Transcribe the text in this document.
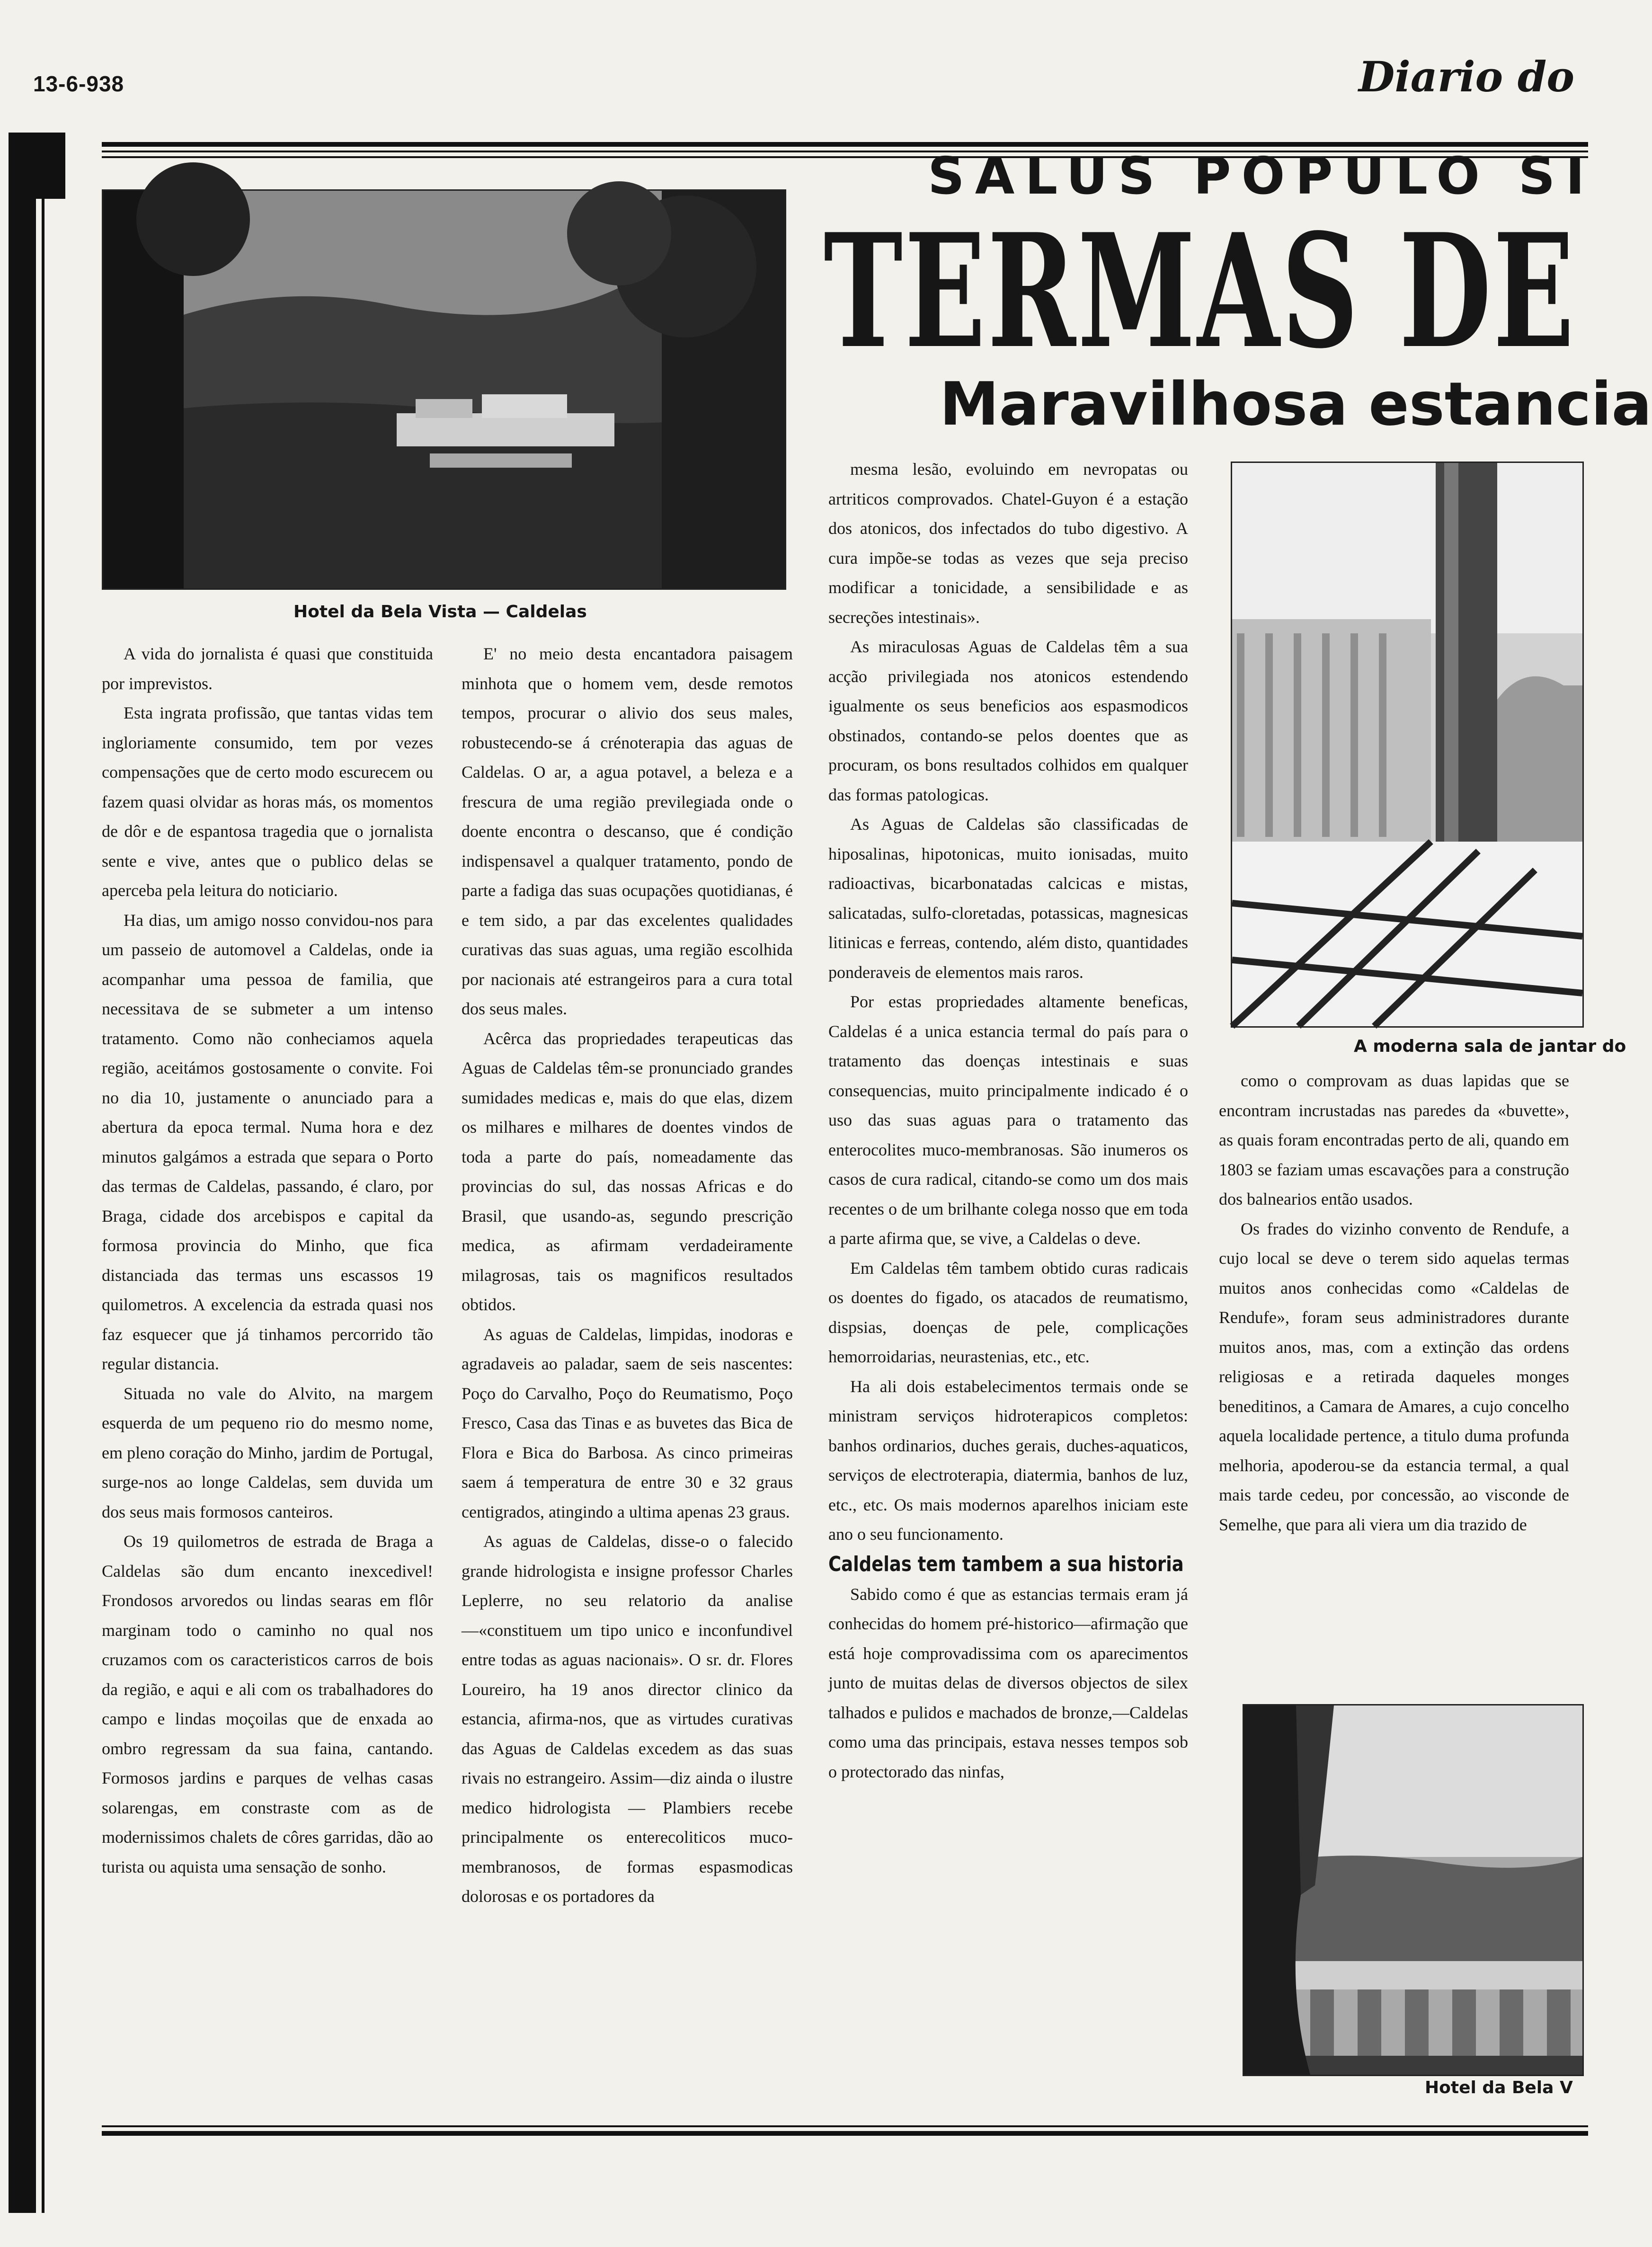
13-6-938	Diario do
SALUS POPULO SI
TERMAS DE
Maravilhosa estancia
Hotel da Bela Vista — Caldelas

A vida do jornalista é quasi que constituida por imprevistos.

Esta ingrata profissão, que tantas vidas tem ingloriamente consumido, tem por vezes compensações que de certo modo escurecem ou fazem quasi olvidar as horas más, os momentos de dôr e de espantosa tragedia que o jornalista sente e vive, antes que o publico delas se aperceba pela leitura do noticiario.

Ha dias, um amigo nosso convidou-nos para um passeio de automovel a Caldelas, onde ia acompanhar uma pessoa de familia, que necessitava de se submeter a um intenso tratamento. Como não conheciamos aquela região, aceitámos gostosamente o convite. Foi no dia 10, justamente o anunciado para a abertura da epoca termal. Numa hora e dez minutos galgámos a estrada que separa o Porto das termas de Caldelas, passando, é claro, por Braga, cidade dos arcebispos e capital da formosa provincia do Minho, que fica distanciada das termas uns escassos 19 quilometros. A excelencia da estrada quasi nos faz esquecer que já tinhamos percorrido tão regular distancia.

Situada no vale do Alvito, na margem esquerda de um pequeno rio do mesmo nome, em pleno coração do Minho, jardim de Portugal, surge-nos ao longe Caldelas, sem duvida um dos seus mais formosos canteiros.

Os 19 quilometros de estrada de Braga a Caldelas são dum encanto inexcedivel! Frondosos arvoredos ou lindas searas em flôr marginam todo o caminho no qual nos cruzamos com os caracteristicos carros de bois da região, e aqui e ali com os trabalhadores do campo e lindas moçoilas que de enxada ao ombro regressam da sua faina, cantando. Formosos jardins e parques de velhas casas solarengas, em constraste com as de modernissimos chalets de côres garridas, dão ao turista ou aquista uma sensação de sonho.

E' no meio desta encantadora paisagem minhota que o homem vem, desde remotos tempos, procurar o alivio dos seus males, robustecendo-se á crénoterapia das aguas de Caldelas. O ar, a agua potavel, a beleza e a frescura de uma região previlegiada onde o doente encontra o descanso, que é condição indispensavel a qualquer tratamento, pondo de parte a fadiga das suas ocupações quotidianas, é e tem sido, a par das excelentes qualidades curativas das suas aguas, uma região escolhida por nacionais até estrangeiros para a cura total dos seus males.

Acêrca das propriedades terapeuticas das Aguas de Caldelas têm-se pronunciado grandes sumidades medicas e, mais do que elas, dizem os milhares e milhares de doentes vindos de toda a parte do país, nomeadamente das provincias do sul, das nossas Africas e do Brasil, que usando-as, segundo prescrição medica, as afirmam verdadeiramente milagrosas, tais os magnificos resultados obtidos.

As aguas de Caldelas, limpidas, inodoras e agradaveis ao paladar, saem de seis nascentes: Poço do Carvalho, Poço do Reumatismo, Poço Fresco, Casa das Tinas e as buvetes das Bica de Flora e Bica do Barbosa. As cinco primeiras saem á temperatura de entre 30 e 32 graus centigrados, atingindo a ultima apenas 23 graus.

As aguas de Caldelas, disse-o o falecido grande hidrologista e insigne professor Charles Leplerre, no seu relatorio da analise—«constituem um tipo unico e inconfundivel entre todas as aguas nacionais». O sr. dr. Flores Loureiro, ha 19 anos director clinico da estancia, afirma-nos, que as virtudes curativas das Aguas de Caldelas excedem as das suas rivais no estrangeiro. Assim—diz ainda o ilustre medico hidrologista — Plambiers recebe principalmente os enterecoliticos muco-membranosos, de formas espasmodicas dolorosas e os portadores da

mesma lesão, evoluindo em nevropatas ou artriticos comprovados. Chatel-Guyon é a estação dos atonicos, dos infectados do tubo digestivo. A cura impõe-se todas as vezes que seja preciso modificar a tonicidade, a sensibilidade e as secreções intestinais».

As miraculosas Aguas de Caldelas têm a sua acção privilegiada nos atonicos estendendo igualmente os seus beneficios aos espasmodicos obstinados, contando-se pelos doentes que as procuram, os bons resultados colhidos em qualquer das formas patologicas.

As Aguas de Caldelas são classificadas de hiposalinas, hipotonicas, muito ionisadas, muito radioactivas, bicarbonatadas calcicas e mistas, salicatadas, sulfo-cloretadas, potassicas, magnesicas litinicas e ferreas, contendo, além disto, quantidades ponderaveis de elementos mais raros.

Por estas propriedades altamente beneficas, Caldelas é a unica estancia termal do país para o tratamento das doenças intestinais e suas consequencias, muito principalmente indicado é o uso das suas aguas para o tratamento das enterocolites muco-membranosas. São inumeros os casos de cura radical, citando-se como um dos mais recentes o de um brilhante colega nosso que em toda a parte afirma que, se vive, a Caldelas o deve.

Em Caldelas têm tambem obtido curas radicais os doentes do figado, os atacados de reumatismo, dispsias, doenças de pele, complicações hemorroidarias, neurastenias, etc., etc.

Ha ali dois estabelecimentos termais onde se ministram serviços hidroterapicos completos: banhos ordinarios, duches gerais, duches-aquaticos, serviços de electroterapia, diatermia, banhos de luz, etc., etc. Os mais modernos aparelhos iniciam este ano o seu funcionamento.

Caldelas tem tambem a sua historia

Sabido como é que as estancias termais eram já conhecidas do homem pré-historico—afirmação que está hoje comprovadissima com os aparecimentos junto de muitas delas de diversos objectos de silex talhados e pulidos e machados de bronze,—Caldelas como uma das principais, estava nesses tempos sob o protectorado das ninfas,

A moderna sala de jantar do

como o comprovam as duas lapidas que se encontram incrustadas nas paredes da «buvette», as quais foram encontradas perto de ali, quando em 1803 se faziam umas escavações para a construção dos balnearios então usados.

Os frades do vizinho convento de Rendufe, a cujo local se deve o terem sido aquelas termas muitos anos conhecidas como «Caldelas de Rendufe», foram seus administradores durante muitos anos, mas, com a extinção das ordens religiosas e a retirada daqueles monges beneditinos, a Camara de Amares, a cujo concelho aquela localidade pertence, a titulo duma profunda melhoria, apoderou-se da estancia termal, a qual mais tarde cedeu, por concessão, ao visconde de Semelhe, que para ali viera um dia trazido de

Hotel da Bela V
